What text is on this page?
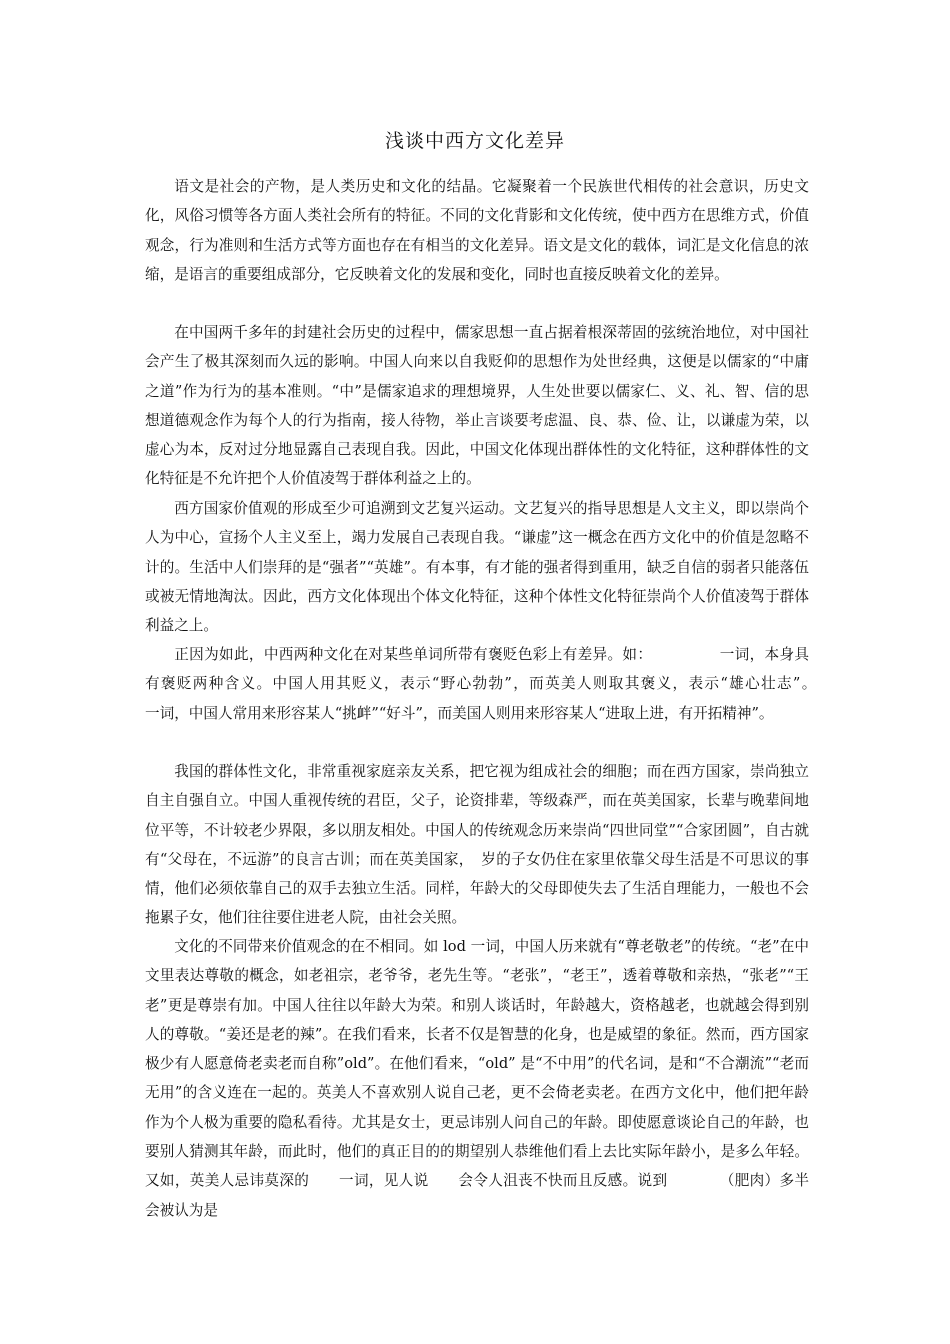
浅谈中西方文化差异

语文是社会的产物，是人类历史和文化的结晶。它凝聚着一个民族世代相传的社会意识，历史文化，风俗习惯等各方面人类社会所有的特征。不同的文化背影和文化传统，使中西方在思维方式，价值观念，行为准则和生活方式等方面也存在有相当的文化差异。语文是文化的载体，词汇是文化信息的浓缩，是语言的重要组成部分，它反映着文化的发展和变化，同时也直接反映着文化的差异。

在中国两千多年的封建社会历史的过程中，儒家思想一直占据着根深蒂固的弦统治地位，对中国社会产生了极其深刻而久远的影响。中国人向来以自我贬仰的思想作为处世经典，这便是以儒家的“中庸之道”作为行为的基本准则。“中”是儒家追求的理想境界，人生处世要以儒家仁、义、礼、智、信的思想道德观念作为每个人的行为指南，接人待物，举止言谈要考虑温、良、恭、俭、让，以谦虚为荣，以虚心为本，反对过分地显露自己表现自我。因此，中国文化体现出群体性的文化特征，这种群体性的文化特征是不允许把个人价值凌驾于群体利益之上的。

西方国家价值观的形成至少可追溯到文艺复兴运动。文艺复兴的指导思想是人文主义，即以崇尚个人为中心，宣扬个人主义至上，竭力发展自己表现自我。“谦虚”这一概念在西方文化中的价值是忽略不计的。生活中人们崇拜的是“强者”“英雄”。有本事，有才能的强者得到重用，缺乏自信的弱者只能落伍或被无情地淘汰。因此，西方文化体现出个体文化特征，这种个体性文化特征崇尚个人价值凌驾于群体利益之上。

正因为如此，中西两种文化在对某些单词所带有褒贬色彩上有差异。如：　　　　　一词，本身具有褒贬两种含义。中国人用其贬义，表示“野心勃勃”，而英美人则取其褒义，表示“雄心壮志”。　　　　　一词，中国人常用来形容某人“挑衅”“好斗”，而美国人则用来形容某人“进取上进，有开拓精神”。

我国的群体性文化，非常重视家庭亲友关系，把它视为组成社会的细胞；而在西方国家，崇尚独立自主自强自立。中国人重视传统的君臣，父子，论资排辈，等级森严，而在英美国家，长辈与晚辈间地位平等，不计较老少界限，多以朋友相处。中国人的传统观念历来崇尚“四世同堂”“合家团圆”，自古就有“父母在，不远游”的良言古训；而在英美国家，　岁的子女仍住在家里依靠父母生活是不可思议的事情，他们必须依靠自己的双手去独立生活。同样，年龄大的父母即使失去了生活自理能力，一般也不会拖累子女，他们往往要住进老人院，由社会关照。

文化的不同带来价值观念的在不相同。如 lod 一词，中国人历来就有“尊老敬老”的传统。“老”在中文里表达尊敬的概念，如老祖宗，老爷爷，老先生等。“老张”，“老王”，透着尊敬和亲热，“张老”“王老”更是尊崇有加。中国人往往以年龄大为荣。和别人谈话时，年龄越大，资格越老，也就越会得到别人的尊敬。“姜还是老的辣”。在我们看来，长者不仅是智慧的化身，也是威望的象征。然而，西方国家极少有人愿意倚老卖老而自称”old”。在他们看来，“old” 是“不中用”的代名词，是和“不合潮流”“老而无用”的含义连在一起的。英美人不喜欢别人说自己老，更不会倚老卖老。在西方文化中，他们把年龄作为个人极为重要的隐私看待。尤其是女士，更忌讳别人问自己的年龄。即使愿意谈论自己的年龄，也要别人猜测其年龄，而此时，他们的真正目的的期望别人恭维他们看上去比实际年龄小，是多么年轻。又如，英美人忌讳莫深的　　一词，见人说　　会令人沮丧不快而且反感。说到　　　　（肥肉）多半会被认为是
